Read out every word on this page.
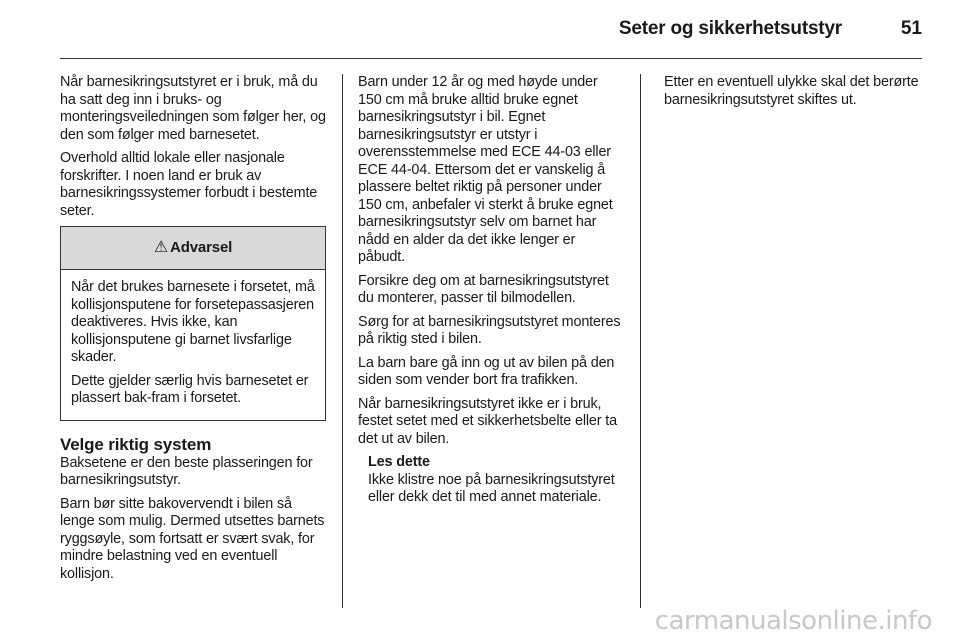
Seter og sikkerhetsutstyr	51

Når barnesikringsutstyret er i bruk, må du ha satt deg inn i bruks- og monteringsveiledningen som følger her, og den som følger med barnesetet.

Overhold alltid lokale eller nasjonale forskrifter. I noen land er bruk av barnesikringssystemer forbudt i bestemte seter.

⚠ Advarsel

Når det brukes barnesete i forsetet, må kollisjonsputene for forsetepassasjeren deaktiveres. Hvis ikke, kan kollisjonsputene gi barnet livsfarlige skader.

Dette gjelder særlig hvis barnesetet er plassert bak-fram i forsetet.

Velge riktig system

Baksetene er den beste plasseringen for barnesikringsutstyr.

Barn bør sitte bakovervendt i bilen så lenge som mulig. Dermed utsettes barnets ryggsøyle, som fortsatt er svært svak, for mindre belastning ved en eventuell kollisjon.

Barn under 12 år og med høyde under 150 cm må bruke alltid bruke egnet barnesikringsutstyr i bil. Egnet barnesikringsutstyr er utstyr i overensstemmelse med ECE 44-03 eller ECE 44-04. Ettersom det er vanskelig å plassere beltet riktig på personer under 150 cm, anbefaler vi sterkt å bruke egnet barnesikringsutstyr selv om barnet har nådd en alder da det ikke lenger er påbudt.

Forsikre deg om at barnesikringsutstyret du monterer, passer til bilmodellen.

Sørg for at barnesikringsutstyret monteres på riktig sted i bilen.

La barn bare gå inn og ut av bilen på den siden som vender bort fra trafikken.

Når barnesikringsutstyret ikke er i bruk, festet setet med et sikkerhetsbelte eller ta det ut av bilen.

Les dette
Ikke klistre noe på barnesikringsutstyret eller dekk det til med annet materiale.

Etter en eventuell ulykke skal det berørte barnesikringsutstyret skiftes ut.

carmanualsonline.info
